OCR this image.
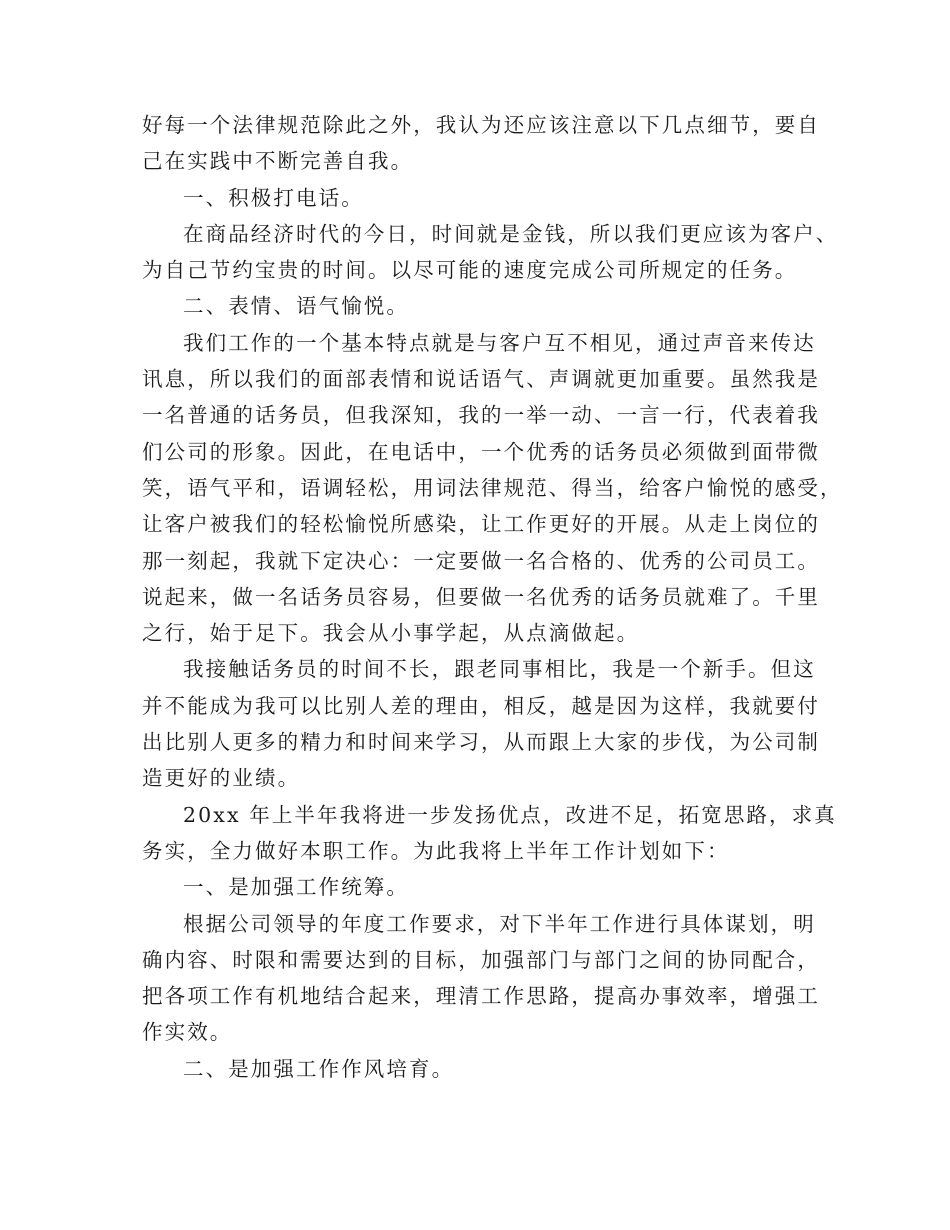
好每一个法律规范除此之外，我认为还应该注意以下几点细节，要自
己在实践中不断完善自我。

一、积极打电话。

在商品经济时代的今日，时间就是金钱，所以我们更应该为客户、
为自己节约宝贵的时间。以尽可能的速度完成公司所规定的任务。

二、表情、语气愉悦。

我们工作的一个基本特点就是与客户互不相见，通过声音来传达
讯息，所以我们的面部表情和说话语气、声调就更加重要。虽然我是
一名普通的话务员，但我深知，我的一举一动、一言一行，代表着我
们公司的形象。因此，在电话中，一个优秀的话务员必须做到面带微
笑，语气平和，语调轻松，用词法律规范、得当，给客户愉悦的感受，
让客户被我们的轻松愉悦所感染，让工作更好的开展。从走上岗位的
那一刻起，我就下定决心：一定要做一名合格的、优秀的公司员工。
说起来，做一名话务员容易，但要做一名优秀的话务员就难了。千里
之行，始于足下。我会从小事学起，从点滴做起。

我接触话务员的时间不长，跟老同事相比，我是一个新手。但这
并不能成为我可以比别人差的理由，相反，越是因为这样，我就要付
出比别人更多的精力和时间来学习，从而跟上大家的步伐，为公司制
造更好的业绩。

20xx 年上半年我将进一步发扬优点，改进不足，拓宽思路，求真
务实，全力做好本职工作。为此我将上半年工作计划如下：

一、是加强工作统筹。

根据公司领导的年度工作要求，对下半年工作进行具体谋划，明
确内容、时限和需要达到的目标，加强部门与部门之间的协同配合，
把各项工作有机地结合起来，理清工作思路，提高办事效率，增强工
作实效。

二、是加强工作作风培育。
